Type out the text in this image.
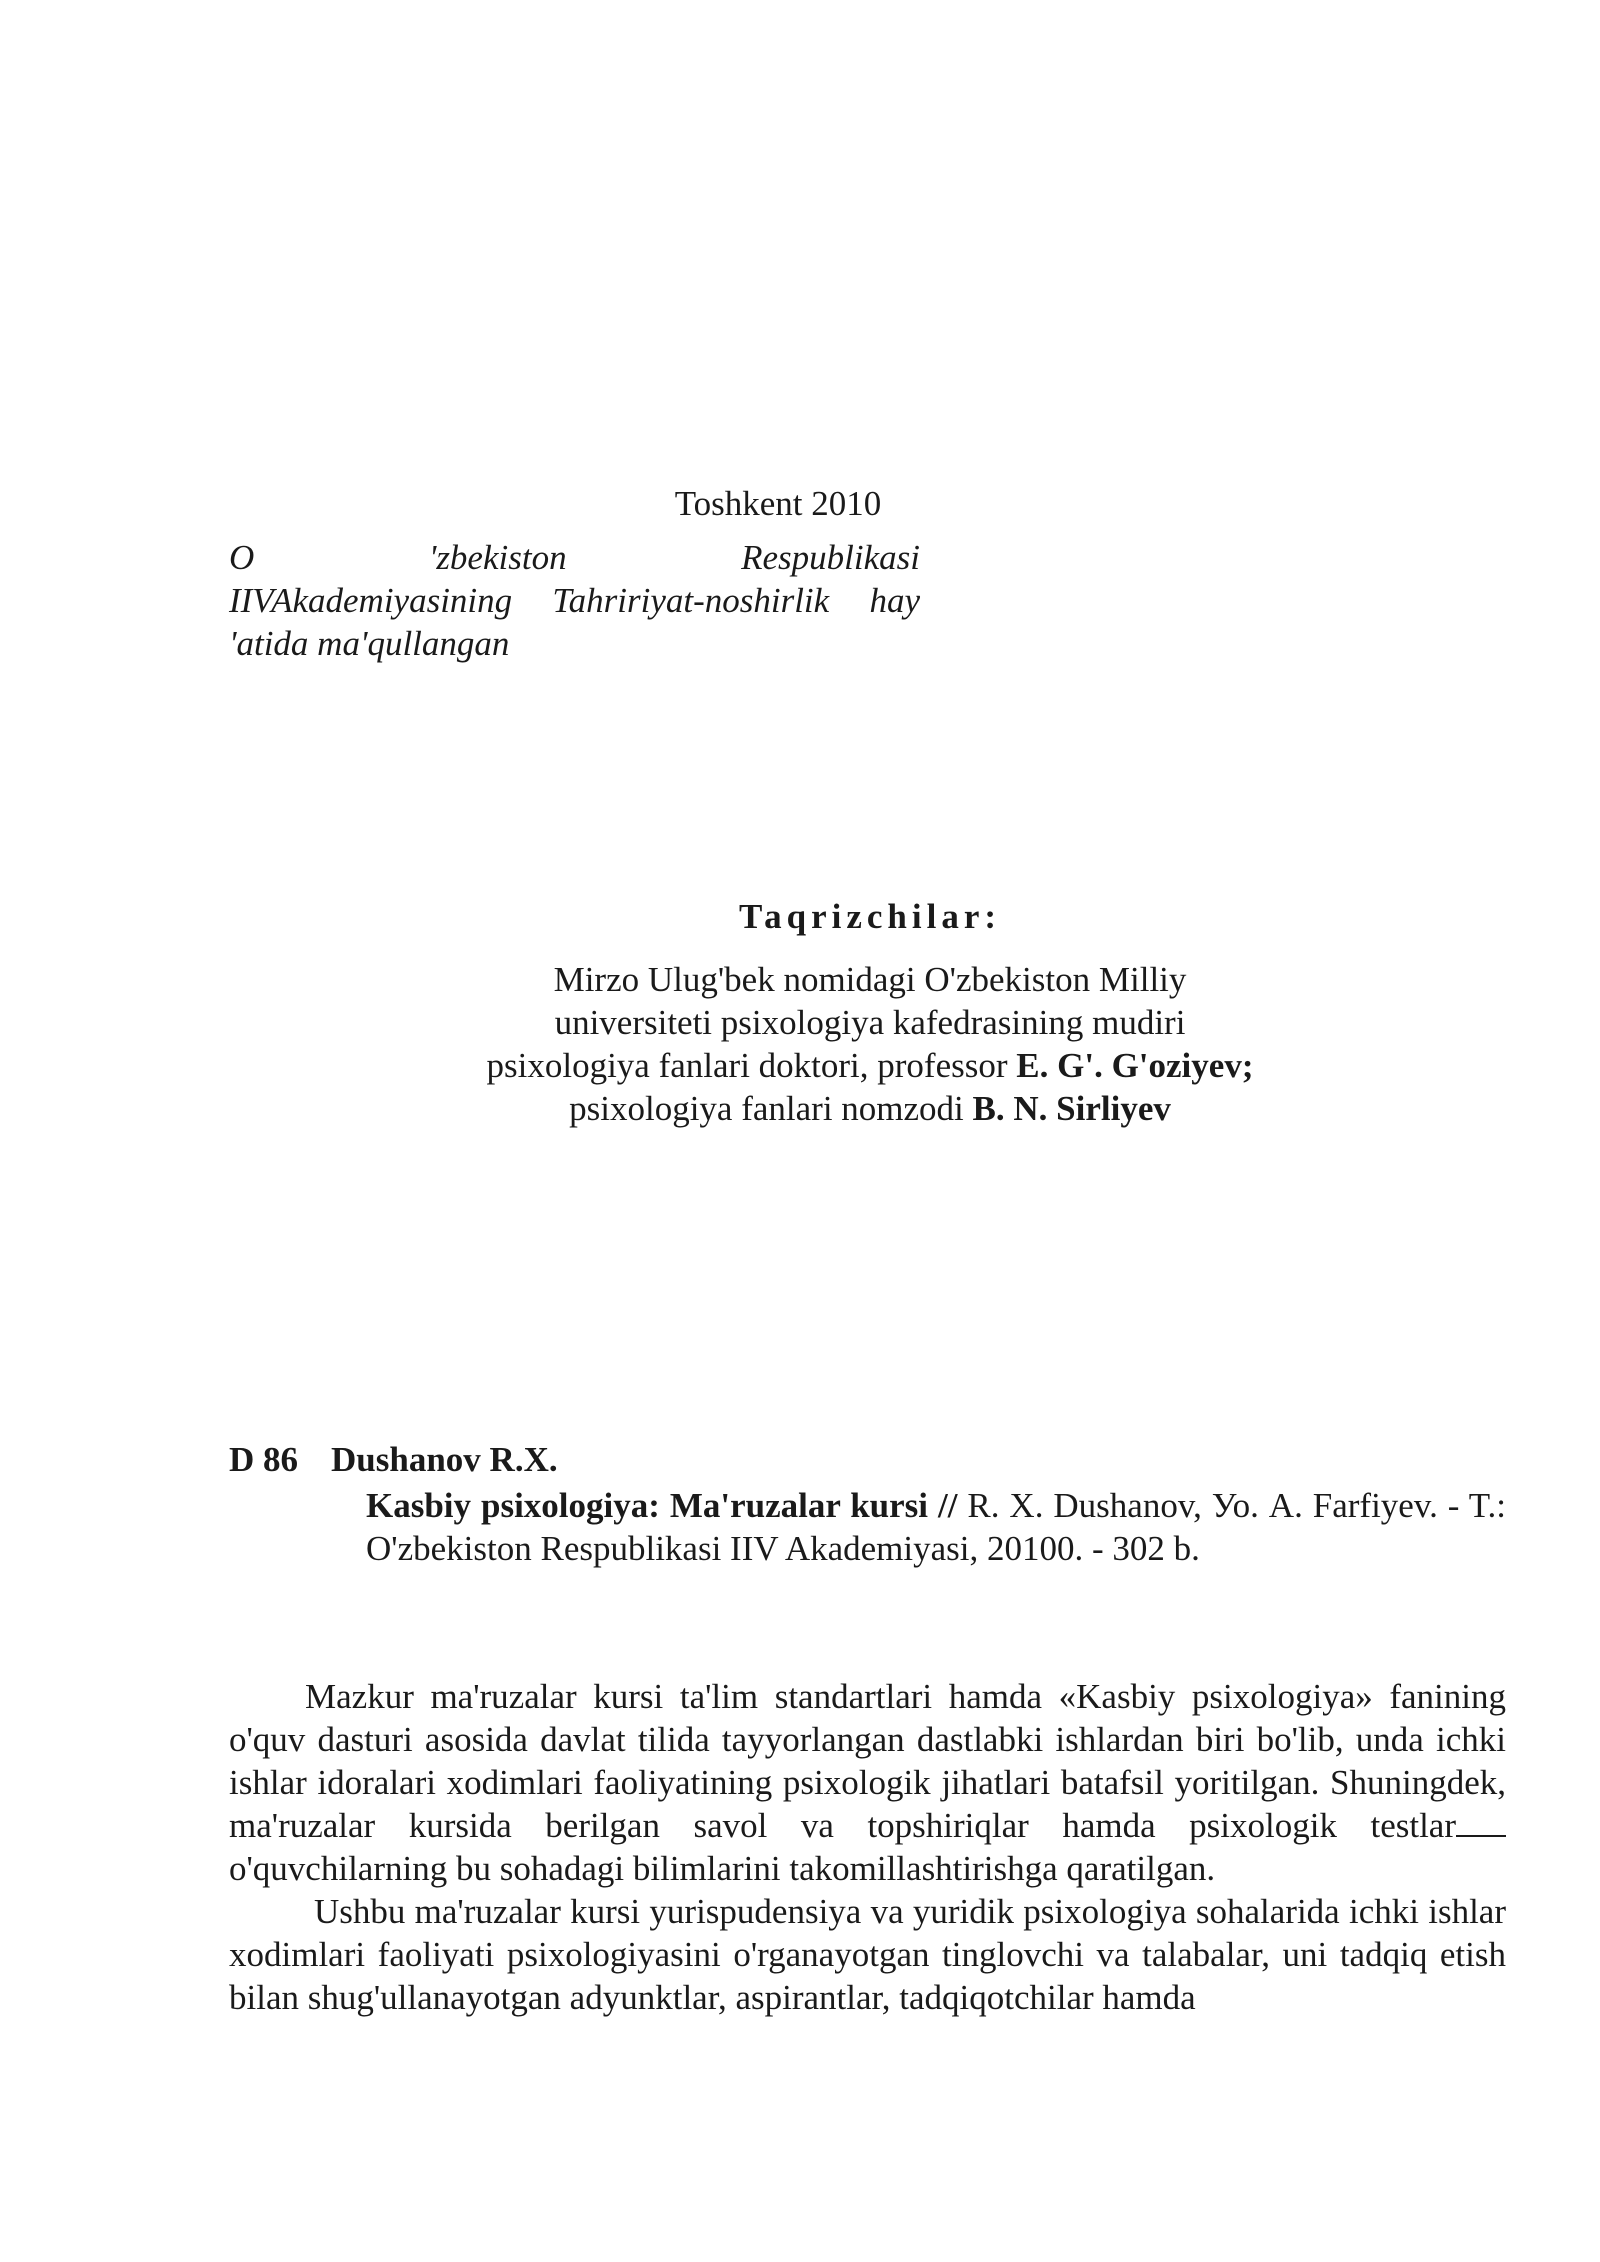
Toshkent 2010
O	'zbekiston	Respublikasi
IIVAkademiyasining Tahririyat-noshirlik hay
'atida ma'qullangan
Taqrizchilar:
Mirzo Ulug'bek nomidagi O'zbekiston Milliy universiteti psixologiya kafedrasining mudiri psixologiya fanlari doktori, professor E. G'. G'oziyev; psixologiya fanlari nomzodi B. N. Sirliyev
D 86 Dushanov R.X.
Kasbiy psixologiya: Ma'ruzalar kursi // R. X. Dushanov, Уо. A. Farfiyev. - T.: O'zbekiston Respublikasi IIV Akademiyasi, 20100. - 302 b.

Mazkur ma'ruzalar kursi ta'lim standartlari hamda «Kasbiy psixologiya» fanining o'quv dasturi asosida davlat tilida tayyorlangan dastlabki ishlardan biri bo'lib, unda ichki ishlar idoralari xodimlari faoliyatining psixologik jihatlari batafsil yoritilgan. Shuningdek, ma'ruzalar kursida berilgan savol va topshiriqlar hamda psixologik testlaro'quvchilarning bu sohadagi bilimlarini takomillashtirishga qaratilgan.

Ushbu ma'ruzalar kursi yurispudensiya va yuridik psixologiya sohalarida ichki ishlar xodimlari faoliyati psixologiyasini o'rganayotgan tinglovchi va talabalar, uni tadqiq etish bilan shug'ullanayotgan adyunktlar, aspirantlar, tadqiqotchilar hamda
